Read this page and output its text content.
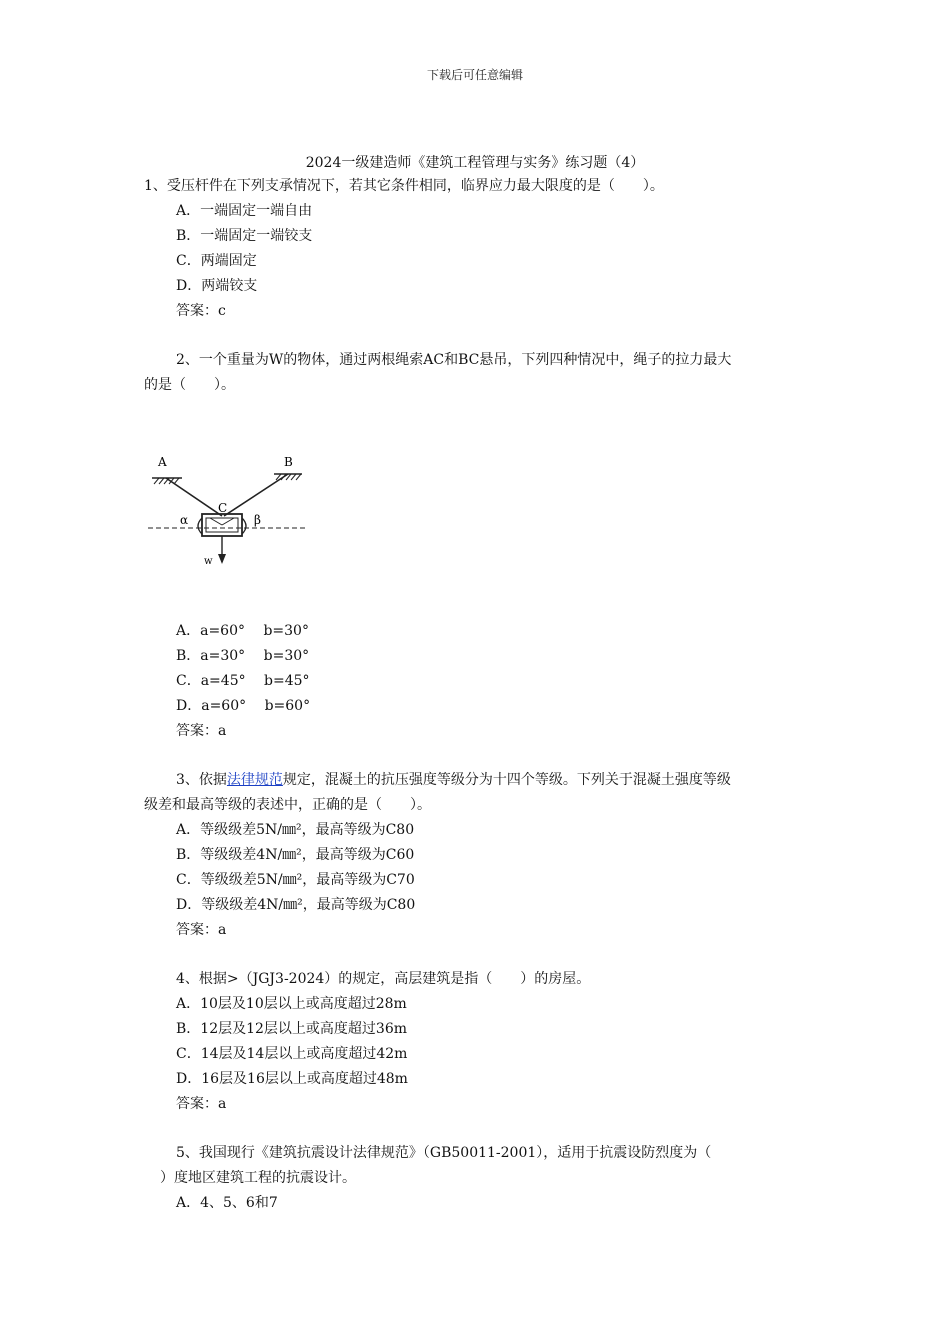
下载后可任意编辑
2024一级建造师《建筑工程管理与实务》练习题（4）
1、受压杆件在下列支承情况下，若其它条件相同，临界应力最大限度的是（　　）。
A．一端固定一端自由
B．一端固定一端铰支
C．两端固定
D．两端铰支
答案：c
2、一个重量为W的物体，通过两根绳索AC和BC悬吊，下列四种情况中，绳子的拉力最大
的是（　　）。
A	B
C
α	β
w
A．a=60°　 b=30°
B．a=30°　 b=30°
C．a=45°　 b=45°
D．a=60°　 b=60°
答案：a
3、依据法律规范规定，混凝土的抗压强度等级分为十四个等级。下列关于混凝土强度等级
级差和最高等级的表述中，正确的是（　　）。
A．等级级差5N/㎜²，最高等级为C80
B．等级级差4N/㎜²，最高等级为C60
C．等级级差5N/㎜²，最高等级为C70
D．等级级差4N/㎜²，最高等级为C80
答案：a
4、根据>（JGJ3-2024）的规定，高层建筑是指（　　）的房屋。
A．10层及10层以上或高度超过28m
B．12层及12层以上或高度超过36m
C．14层及14层以上或高度超过42m
D．16层及16层以上或高度超过48m
答案：a
5、我国现行《建筑抗震设计法律规范》（GB50011-2001），适用于抗震设防烈度为（
）度地区建筑工程的抗震设计。
A．4、5、6和7
